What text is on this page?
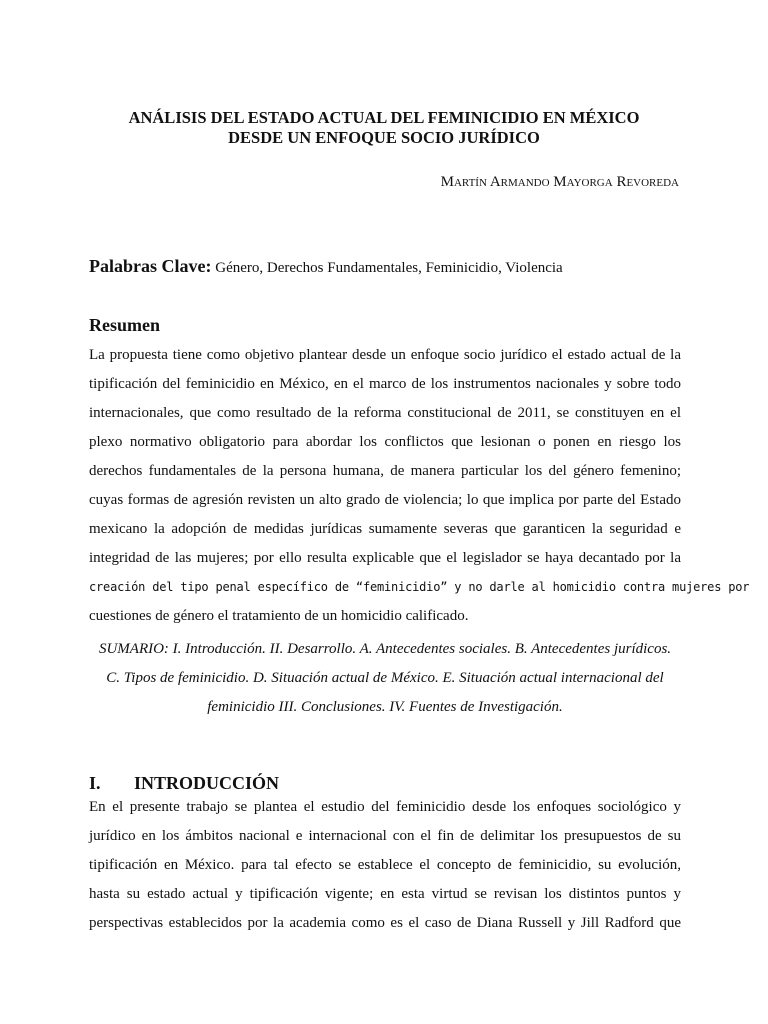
ANÁLISIS DEL ESTADO ACTUAL DEL FEMINICIDIO EN MÉXICO
DESDE UN ENFOQUE SOCIO JURÍDICO
Martín Armando Mayorga Revoreda
Palabras Clave: Género, Derechos Fundamentales, Feminicidio, Violencia
Resumen
La propuesta tiene como objetivo plantear desde un enfoque socio jurídico el estado actual de la
tipificación del feminicidio en México, en el marco de los instrumentos nacionales y sobre todo
internacionales, que como resultado de la reforma constitucional de 2011, se constituyen en el
plexo normativo obligatorio para abordar los conflictos que lesionan o ponen en riesgo los
derechos fundamentales de la persona humana, de manera particular los del género femenino;
cuyas formas de agresión revisten un alto grado de violencia; lo que implica por parte del Estado
mexicano la adopción de medidas jurídicas sumamente severas que garanticen la seguridad e
integridad de las mujeres; por ello resulta explicable que el legislador se haya decantado por la
creación del tipo penal específico de “feminicidio” y no darle al homicidio contra mujeres por
cuestiones de género el tratamiento de un homicidio calificado.
SUMARIO: I. Introducción. II. Desarrollo. A. Antecedentes sociales. B. Antecedentes jurídicos.
C. Tipos de feminicidio. D. Situación actual de México. E. Situación actual internacional del
feminicidio III. Conclusiones. IV. Fuentes de Investigación.
I. INTRODUCCIÓN
En el presente trabajo se plantea el estudio del feminicidio desde los enfoques sociológico y
jurídico en los ámbitos nacional e internacional con el fin de delimitar los presupuestos de su
tipificación en México. para tal efecto se establece el concepto de feminicidio, su evolución,
hasta su estado actual y tipificación vigente; en esta virtud se revisan los distintos puntos y
perspectivas establecidos por la academia como es el caso de Diana Russell y Jill Radford que
